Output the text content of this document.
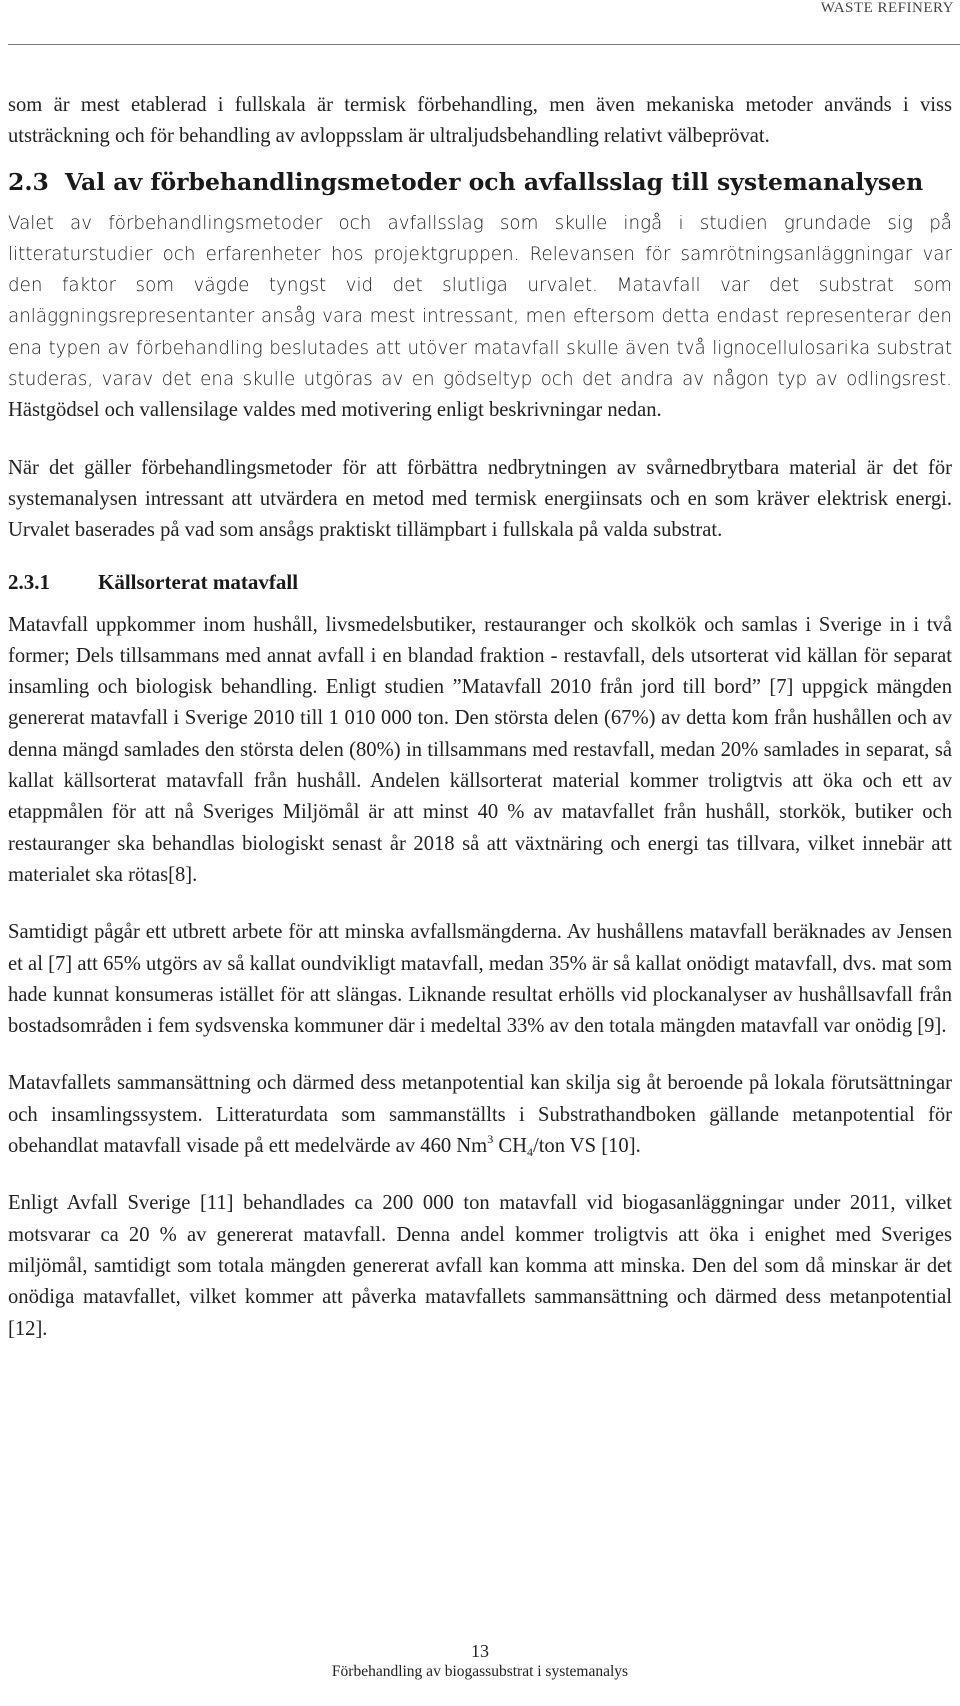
WASTE REFINERY

som är mest etablerad i fullskala är termisk förbehandling, men även mekaniska metoder används i viss utsträckning och för behandling av avloppsslam är ultraljudsbehandling relativt välbeprövat.

2.3 Val av förbehandlingsmetoder och avfallsslag till systemanalysen

Valet av förbehandlingsmetoder och avfallsslag som skulle ingå i studien grundade sig på litteraturstudier och erfarenheter hos projektgruppen. Relevansen för samrötningsanläggningar var den faktor som vägde tyngst vid det slutliga urvalet. Matavfall var det substrat som anläggningsrepresentanter ansåg vara mest intressant, men eftersom detta endast representerar den ena typen av förbehandling beslutades att utöver matavfall skulle även två lignocellulosarika substrat studeras, varav det ena skulle utgöras av en gödseltyp och det andra av någon typ av odlingsrest. Hästgödsel och vallensilage valdes med motivering enligt beskrivningar nedan.

När det gäller förbehandlingsmetoder för att förbättra nedbrytningen av svårnedbrytbara material är det för systemanalysen intressant att utvärdera en metod med termisk energiinsats och en som kräver elektrisk energi. Urvalet baserades på vad som ansågs praktiskt tillämpbart i fullskala på valda substrat.

2.3.1 Källsorterat matavfall

Matavfall uppkommer inom hushåll, livsmedelsbutiker, restauranger och skolkök och samlas i Sverige in i två former; Dels tillsammans med annat avfall i en blandad fraktion - restavfall, dels utsorterat vid källan för separat insamling och biologisk behandling. Enligt studien ”Matavfall 2010 från jord till bord” [7] uppgick mängden genererat matavfall i Sverige 2010 till 1 010 000 ton. Den största delen (67%) av detta kom från hushållen och av denna mängd samlades den största delen (80%) in tillsammans med restavfall, medan 20% samlades in separat, så kallat källsorterat matavfall från hushåll. Andelen källsorterat material kommer troligtvis att öka och ett av etappmålen för att nå Sveriges Miljömål är att minst 40 % av matavfallet från hushåll, storkök, butiker och restauranger ska behandlas biologiskt senast år 2018 så att växtnäring och energi tas tillvara, vilket innebär att materialet ska rötas[8].

Samtidigt pågår ett utbrett arbete för att minska avfallsmängderna. Av hushållens matavfall beräknades av Jensen et al [7] att 65% utgörs av så kallat oundvikligt matavfall, medan 35% är så kallat onödigt matavfall, dvs. mat som hade kunnat konsumeras istället för att slängas. Liknande resultat erhölls vid plockanalyser av hushållsavfall från bostadsområden i fem sydsvenska kommuner där i medeltal 33% av den totala mängden matavfall var onödig [9].

Matavfallets sammansättning och därmed dess metanpotential kan skilja sig åt beroende på lokala förutsättningar och insamlingssystem. Litteraturdata som sammanställts i Substrathandboken gällande metanpotential för obehandlat matavfall visade på ett medelvärde av 460 Nm$^3$ $CH_4$/ton VS [10].

Enligt Avfall Sverige [11] behandlades ca 200 000 ton matavfall vid biogasanläggningar under 2011, vilket motsvarar ca 20 % av genererat matavfall. Denna andel kommer troligtvis att öka i enighet med Sveriges miljömål, samtidigt som totala mängden genererat avfall kan komma att minska. Den del som då minskar är det onödiga matavfallet, vilket kommer att påverka matavfallets sammansättning och därmed dess metanpotential [12].

13
Förbehandling av biogassubstrat i systemanalys
